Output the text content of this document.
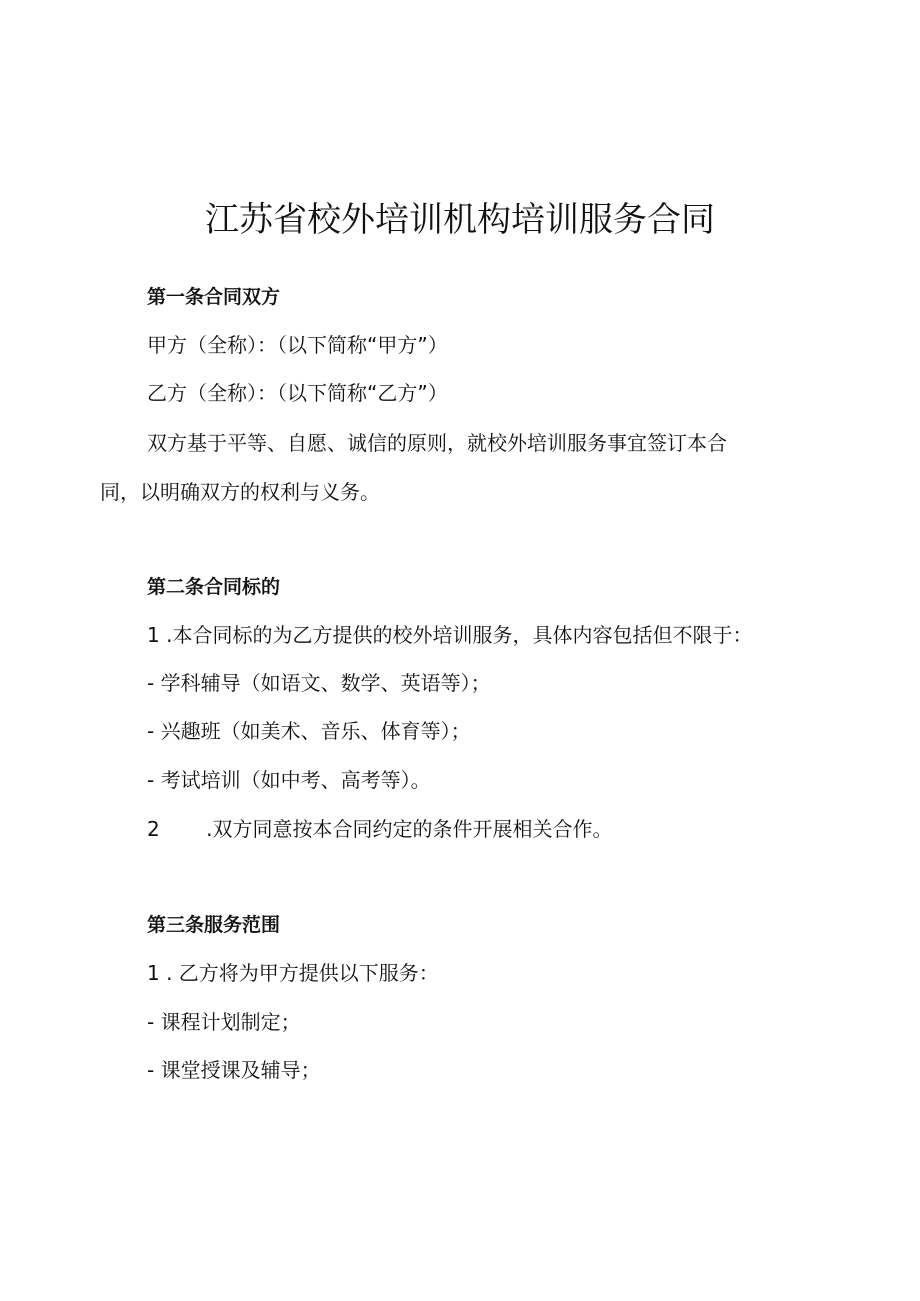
江苏省校外培训机构培训服务合同
第一条合同双方
甲方（全称）：（以下简称“甲方”）
乙方（全称）：（以下简称“乙方”）
双方基于平等、自愿、诚信的原则，就校外培训服务事宜签订本合
同，以明确双方的权利与义务。
第二条合同标的
1 .本合同标的为乙方提供的校外培训服务，具体内容包括但不限于：
- 学科辅导（如语文、数学、英语等）；
- 兴趣班（如美术、音乐、体育等）；
- 考试培训（如中考、高考等）。
2 　　.双方同意按本合同约定的条件开展相关合作。
第三条服务范围
1 . 乙方将为甲方提供以下服务：
- 课程计划制定；
- 课堂授课及辅导；
